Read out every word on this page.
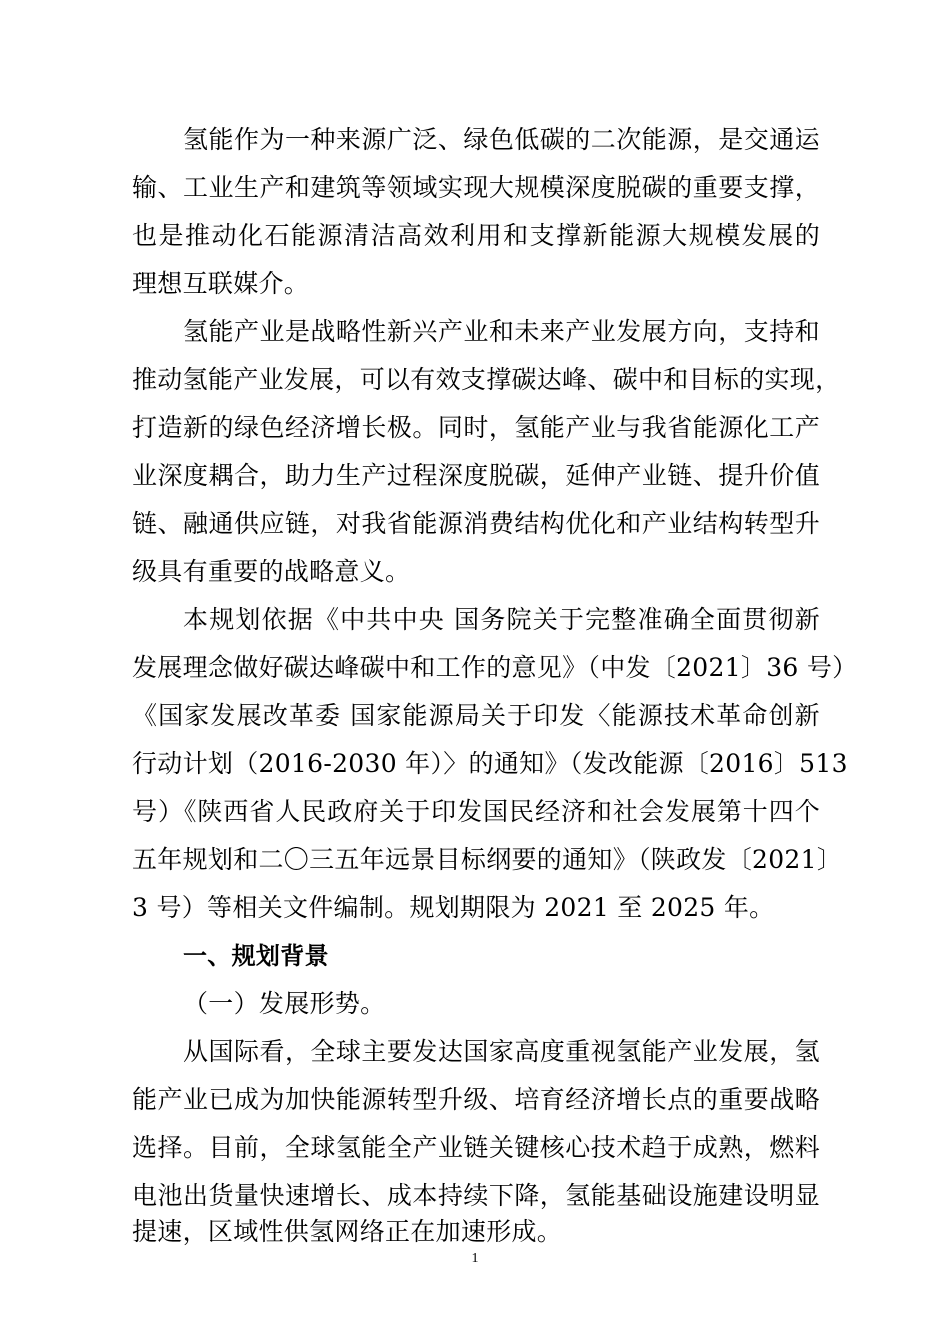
氢能作为一种来源广泛、绿色低碳的二次能源，是交通运
输、工业生产和建筑等领域实现大规模深度脱碳的重要支撑，
也是推动化石能源清洁高效利用和支撑新能源大规模发展的
理想互联媒介。
氢能产业是战略性新兴产业和未来产业发展方向，支持和
推动氢能产业发展，可以有效支撑碳达峰、碳中和目标的实现，
打造新的绿色经济增长极。同时，氢能产业与我省能源化工产
业深度耦合，助力生产过程深度脱碳，延伸产业链、提升价值
链、融通供应链，对我省能源消费结构优化和产业结构转型升
级具有重要的战略意义。
本规划依据《中共中央 国务院关于完整准确全面贯彻新
发展理念做好碳达峰碳中和工作的意见》（中发〔2021〕36 号）
《国家发展改革委 国家能源局关于印发〈能源技术革命创新
行动计划（2016-2030 年）〉的通知》（发改能源〔2016〕513
号）《陕西省人民政府关于印发国民经济和社会发展第十四个
五年规划和二〇三五年远景目标纲要的通知》（陕政发〔2021〕
3 号）等相关文件编制。规划期限为 2021 至 2025 年。
一、规划背景
（一）发展形势。
从国际看，全球主要发达国家高度重视氢能产业发展，氢
能产业已成为加快能源转型升级、培育经济增长点的重要战略
选择。目前，全球氢能全产业链关键核心技术趋于成熟，燃料
电池出货量快速增长、成本持续下降，氢能基础设施建设明显
提速，区域性供氢网络正在加速形成。
1
